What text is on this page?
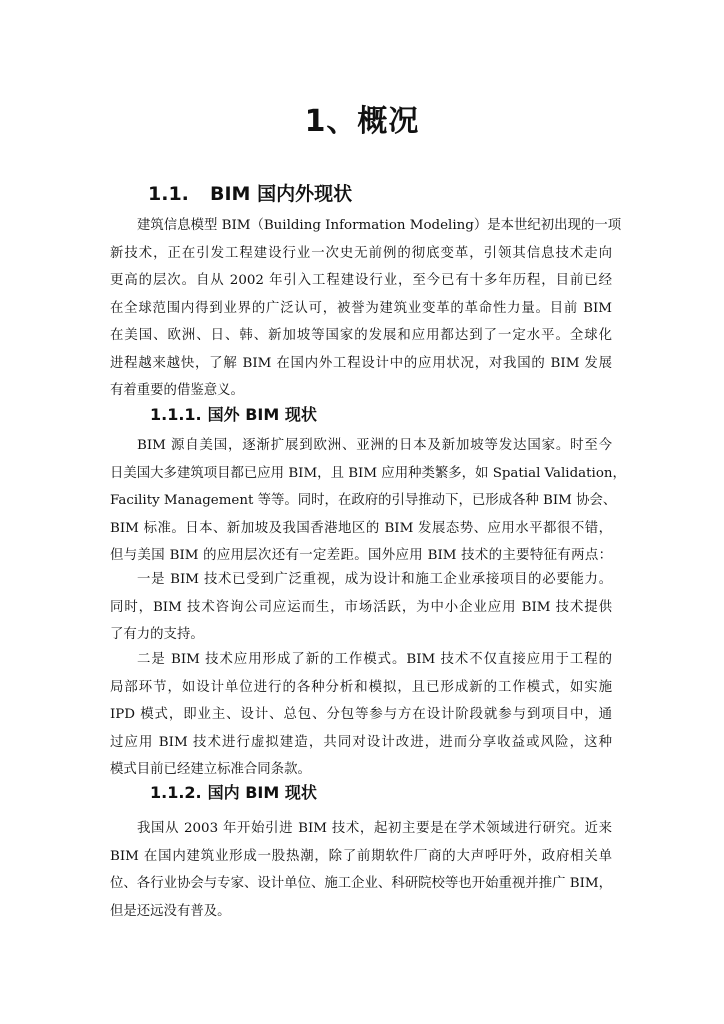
1、概况
1.1. BIM 国内外现状
建筑信息模型 BIM（Building Information Modeling）是本世纪初出现的一项
新技术，正在引发工程建设行业一次史无前例的彻底变革，引领其信息技术走向
更高的层次。自从 2002 年引入工程建设行业，至今已有十多年历程，目前已经
在全球范围内得到业界的广泛认可，被誉为建筑业变革的革命性力量。目前 BIM
在美国、欧洲、日、韩、新加坡等国家的发展和应用都达到了一定水平。全球化
进程越来越快，了解 BIM 在国内外工程设计中的应用状况，对我国的 BIM 发展
有着重要的借鉴意义。
1.1.1. 国外 BIM 现状
BIM 源自美国，逐渐扩展到欧洲、亚洲的日本及新加坡等发达国家。时至今
日美国大多建筑项目都已应用 BIM，且 BIM 应用种类繁多，如 Spatial Validation，
Facility Management 等等。同时，在政府的引导推动下，已形成各种 BIM 协会、
BIM 标准。日本、新加坡及我国香港地区的 BIM 发展态势、应用水平都很不错，
但与美国 BIM 的应用层次还有一定差距。国外应用 BIM 技术的主要特征有两点：
一是 BIM 技术已受到广泛重视，成为设计和施工企业承接项目的必要能力。
同时，BIM 技术咨询公司应运而生，市场活跃，为中小企业应用 BIM 技术提供
了有力的支持。
二是 BIM 技术应用形成了新的工作模式。BIM 技术不仅直接应用于工程的
局部环节，如设计单位进行的各种分析和模拟，且已形成新的工作模式，如实施
IPD 模式，即业主、设计、总包、分包等参与方在设计阶段就参与到项目中，通
过应用 BIM 技术进行虚拟建造，共同对设计改进，进而分享收益或风险，这种
模式目前已经建立标准合同条款。
1.1.2. 国内 BIM 现状
我国从 2003 年开始引进 BIM 技术，起初主要是在学术领域进行研究。近来
BIM 在国内建筑业形成一股热潮，除了前期软件厂商的大声呼吁外，政府相关单
位、各行业协会与专家、设计单位、施工企业、科研院校等也开始重视并推广 BIM，
但是还远没有普及。
